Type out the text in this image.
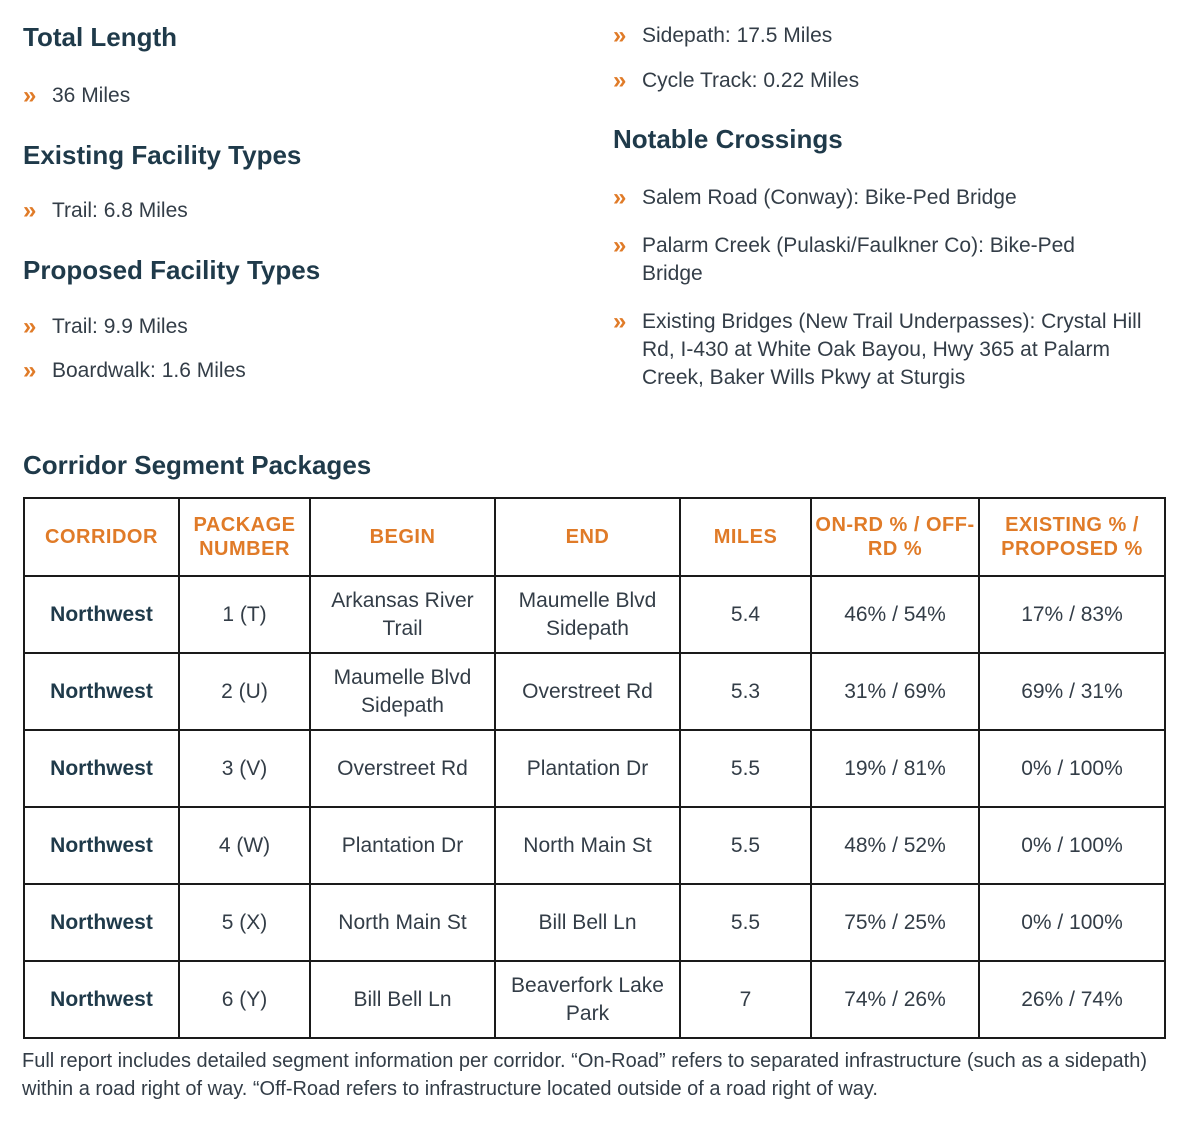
Total Length
» 36 Miles
Existing Facility Types
» Trail: 6.8 Miles
Proposed Facility Types
» Trail: 9.9 Miles
» Boardwalk: 1.6 Miles
» Sidepath: 17.5 Miles
» Cycle Track: 0.22 Miles
Notable Crossings
» Salem Road (Conway): Bike-Ped Bridge
» Palarm Creek (Pulaski/Faulkner Co): Bike-Ped Bridge
» Existing Bridges (New Trail Underpasses): Crystal Hill Rd, I-430 at White Oak Bayou, Hwy 365 at Palarm Creek, Baker Wills Pkwy at Sturgis
Corridor Segment Packages
CORRIDOR	PACKAGE NUMBER	BEGIN	END	MILES	ON-RD % / OFF-RD %	EXISTING % / PROPOSED %
Northwest	1 (T)	Arkansas River Trail	Maumelle Blvd Sidepath	5.4	46% / 54%	17% / 83%
Northwest	2 (U)	Maumelle Blvd Sidepath	Overstreet Rd	5.3	31% / 69%	69% / 31%
Northwest	3 (V)	Overstreet Rd	Plantation Dr	5.5	19% / 81%	0% / 100%
Northwest	4 (W)	Plantation Dr	North Main St	5.5	48% / 52%	0% / 100%
Northwest	5 (X)	North Main St	Bill Bell Ln	5.5	75% / 25%	0% / 100%
Northwest	6 (Y)	Bill Bell Ln	Beaverfork Lake Park	7	74% / 26%	26% / 74%
Full report includes detailed segment information per corridor. “On-Road” refers to separated infrastructure (such as a sidepath) within a road right of way. “Off-Road refers to infrastructure located outside of a road right of way.
